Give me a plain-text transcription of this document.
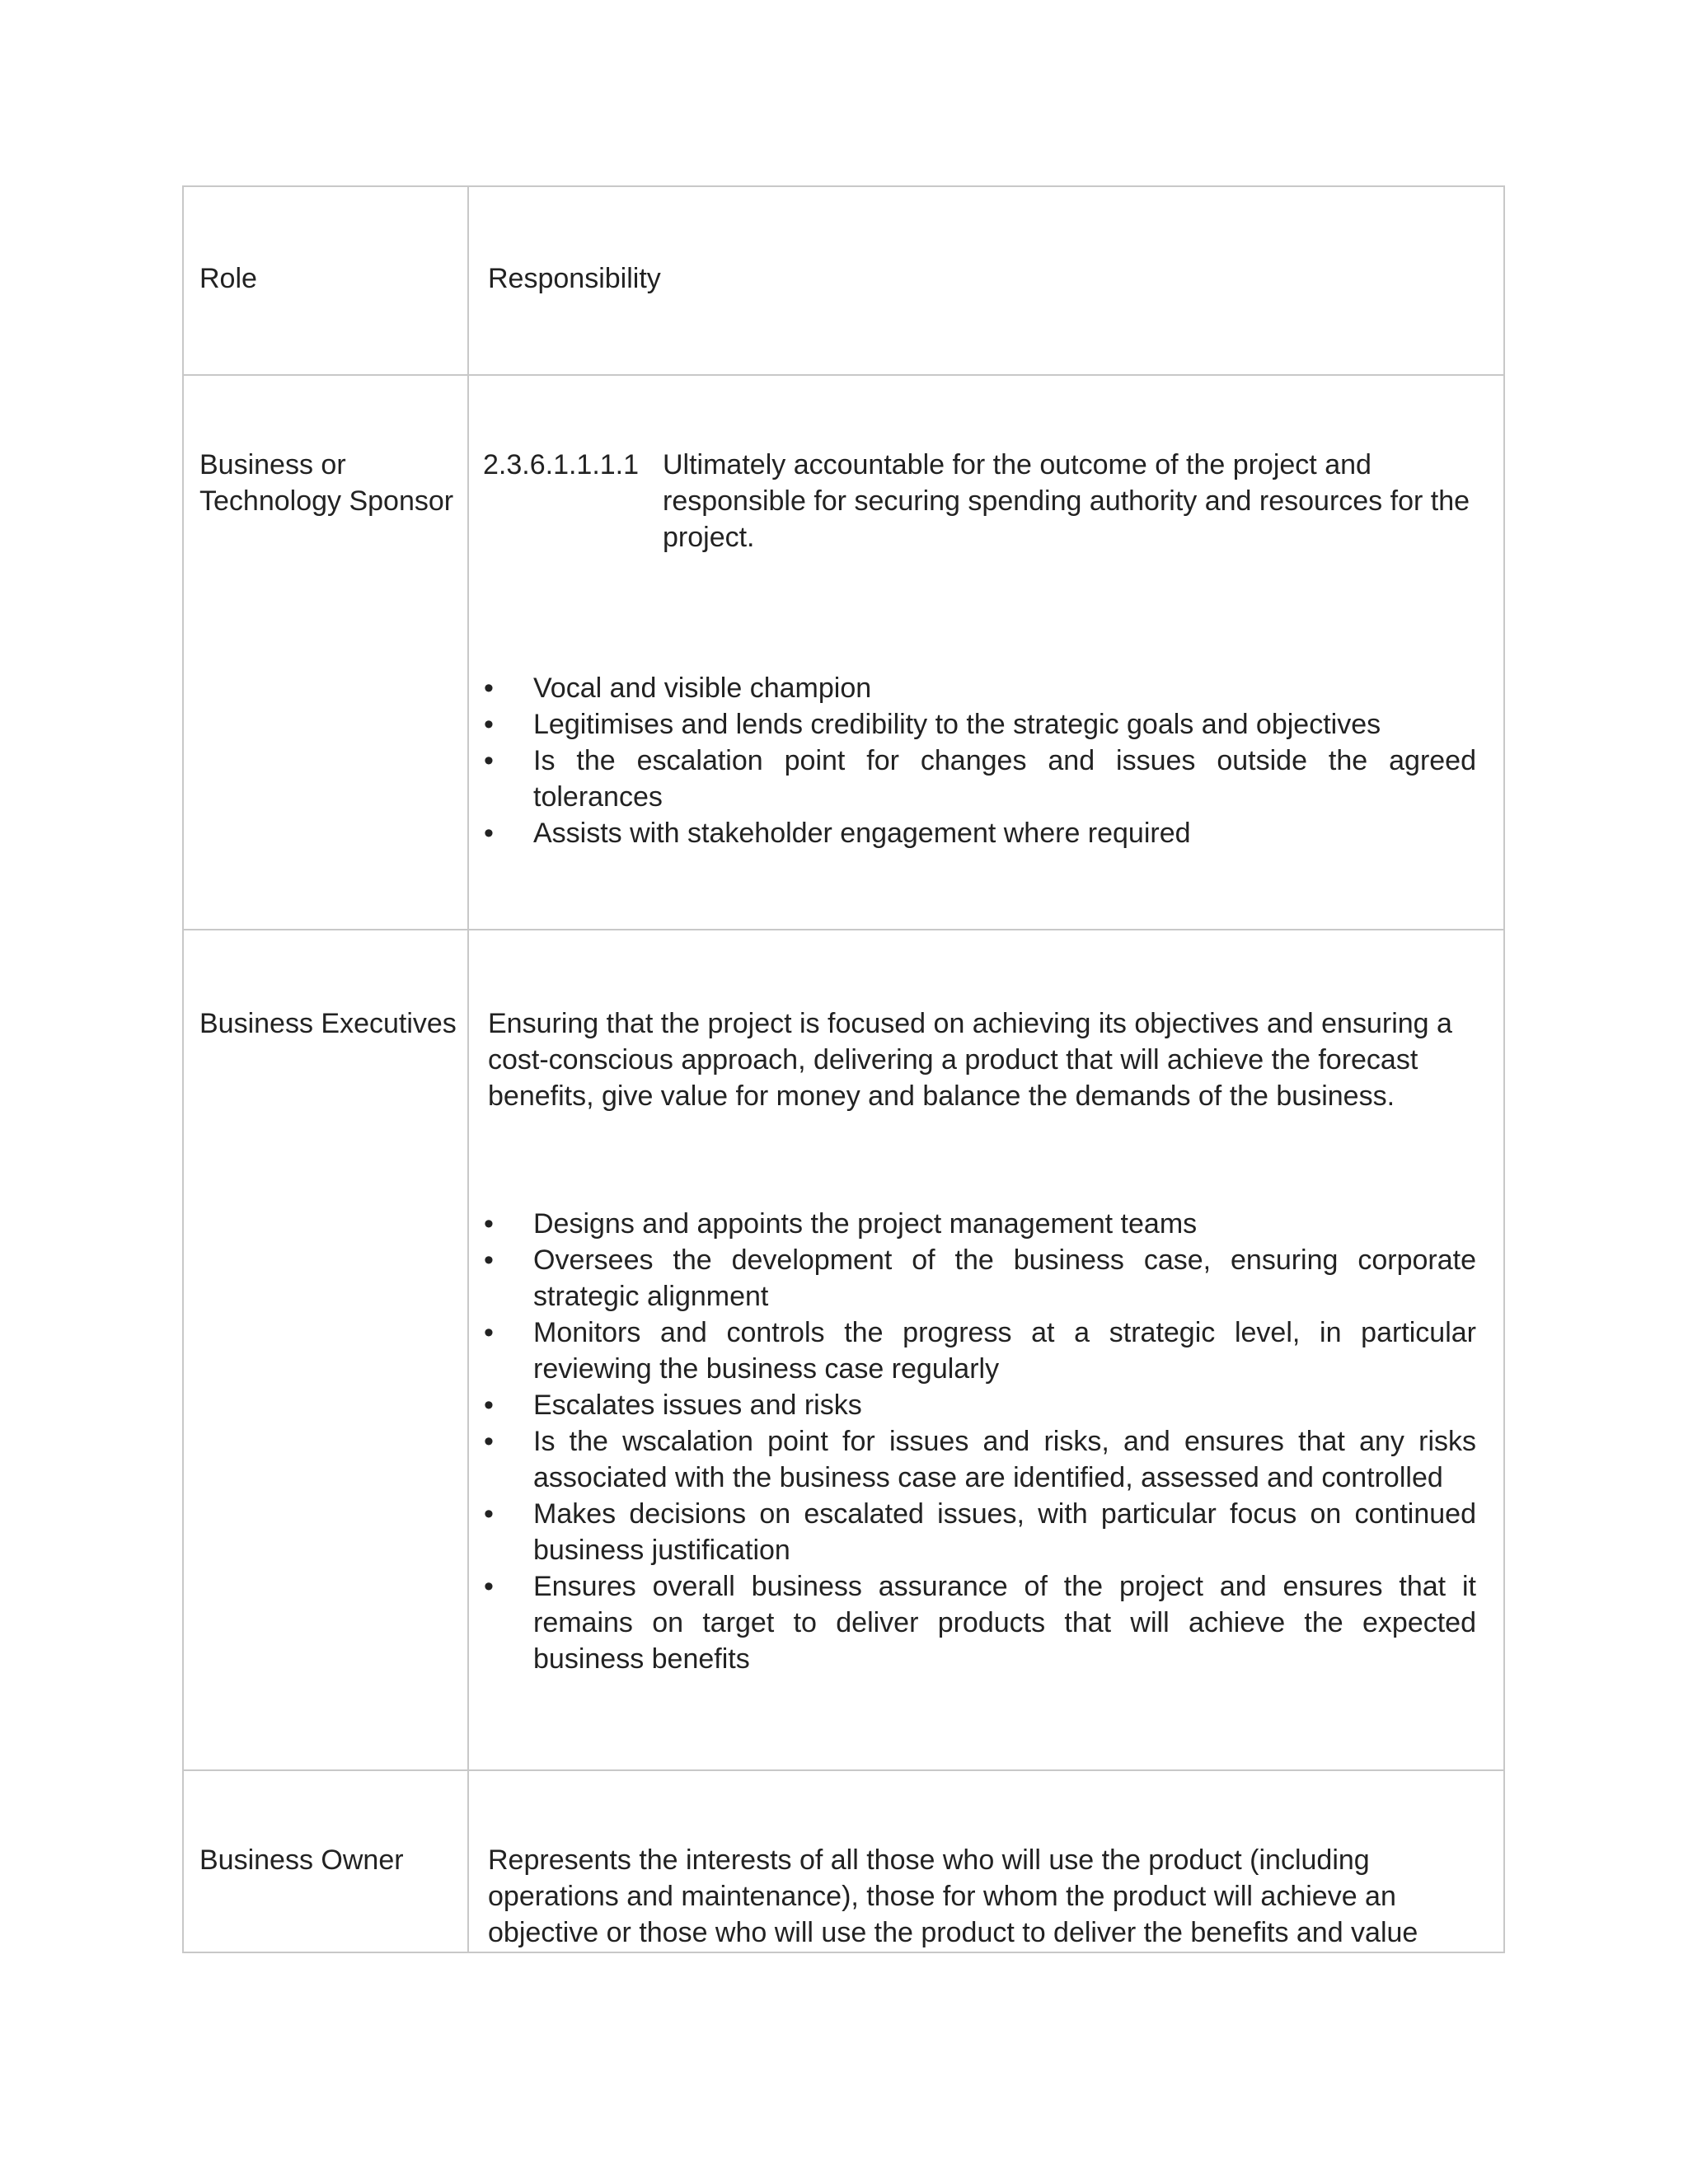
Role	Responsibility
Business or
Technology Sponsor
2.3.6.1.1.1.1 Ultimately accountable for the outcome of the project and

responsible for securing spending authority and resources for the

project.

• Vocal and visible champion
• Legitimises and lends credibility to the strategic goals and objectives
• Is the escalation point for changes and issues outside the agreed tolerances
• Assists with stakeholder engagement where required
Business Executives Ensuring that the project is focused on achieving its objectives and ensuring a

cost-conscious approach, delivering a product that will achieve the forecast

benefits, give value for money and balance the demands of the business.

• Designs and appoints the project management teams
• Oversees the development of the business case, ensuring corporate strategic alignment
• Monitors and controls the progress at a strategic level, in particular reviewing the business case regularly
• Escalates issues and risks
• Is the wscalation point for issues and risks, and ensures that any risks associated with the business case are identified, assessed and controlled
• Makes decisions on escalated issues, with particular focus on continued business justification
• Ensures overall business assurance of the project and ensures that it remains on target to deliver products that will achieve the expected business benefits
Business Owner	Represents the interests of all those who will use the product (including

operations and maintenance), those for whom the product will achieve an

objective or those who will use the product to deliver the benefits and value
